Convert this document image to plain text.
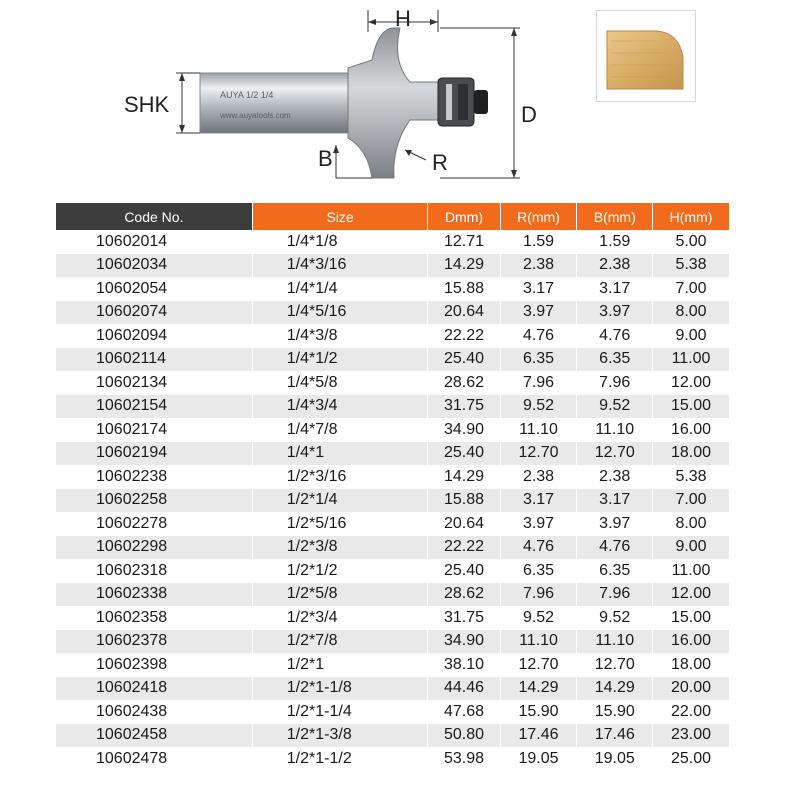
AUYA 1/2 1/4
www.auyatools.com
H
SHK	D
B	R
Code No.	Size	Dmm)	R(mm)	B(mm)	H(mm)
10602014	1/4*1/8	12.71	1.59	1.59	5.00
10602034	1/4*3/16	14.29	2.38	2.38	5.38
10602054	1/4*1/4	15.88	3.17	3.17	7.00
10602074	1/4*5/16	20.64	3.97	3.97	8.00
10602094	1/4*3/8	22.22	4.76	4.76	9.00
10602114	1/4*1/2	25.40	6.35	6.35	11.00
10602134	1/4*5/8	28.62	7.96	7.96	12.00
10602154	1/4*3/4	31.75	9.52	9.52	15.00
10602174	1/4*7/8	34.90	11.10	11.10	16.00
10602194	1/4*1	25.40	12.70	12.70	18.00
10602238	1/2*3/16	14.29	2.38	2.38	5.38
10602258	1/2*1/4	15.88	3.17	3.17	7.00
10602278	1/2*5/16	20.64	3.97	3.97	8.00
10602298	1/2*3/8	22.22	4.76	4.76	9.00
10602318	1/2*1/2	25.40	6.35	6.35	11.00
10602338	1/2*5/8	28.62	7.96	7.96	12.00
10602358	1/2*3/4	31.75	9.52	9.52	15.00
10602378	1/2*7/8	34.90	11.10	11.10	16.00
10602398	1/2*1	38.10	12.70	12.70	18.00
10602418	1/2*1-1/8	44.46	14.29	14.29	20.00
10602438	1/2*1-1/4	47.68	15.90	15.90	22.00
10602458	1/2*1-3/8	50.80	17.46	17.46	23.00
10602478	1/2*1-1/2	53.98	19.05	19.05	25.00
